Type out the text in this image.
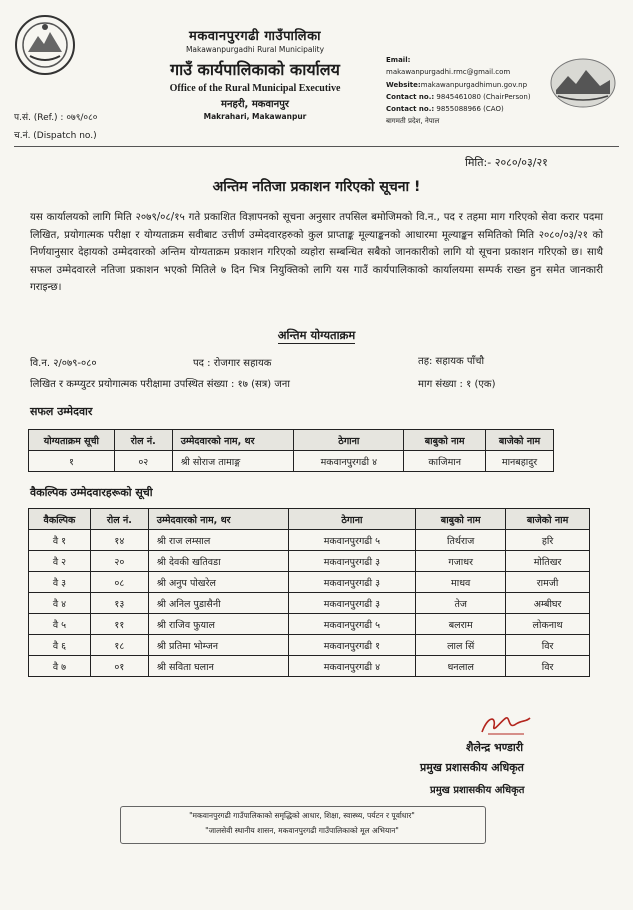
मकवानपुरगढी गाउँपालिका
Makawanpurgadhi Rural Municipality
गाउँ कार्यपालिकाको कार्यालय
Office of the Rural Municipal Executive
मनहरी, मकवानपुर
Makrahari, Makawanpur
प.सं. (Ref.) : ०७९/०८०
च.नं. (Dispatch no.)
Email:
makawanpurgadhi.rmc@gmail.com
Website:makawanpurgadhimun.gov.np
Contact no.: 9845461080 (ChairPerson)
Contact no.: 9855088966 (CAO)
बागमती प्रदेश, नेपाल
मिति:- २०८०/०३/२१
अन्तिम नतिजा प्रकाशन गरिएको सूचना !
यस कार्यालयको लागि मिति २०७९/०८/१५ गते प्रकाशित विज्ञापनको सूचना अनुसार तपसिल बमोजिमको वि.न., पद र तहमा माग गरिएको सेवा करार पदमा लिखित, प्रयोगात्मक परीक्षा र योग्यताक्रम सवीबाट उत्तीर्ण उम्मेदवारहरुको कुल प्राप्ताङ्क मूल्याङ्कनको आधारमा मूल्याङ्कन समितिको मिति २०८०/०३/२१ को निर्णयानुसार देहायको उम्मेदवारको अन्तिम योग्यताक्रम प्रकाशन गरिएको व्यहोरा सम्बन्धित सबैको जानकारीको लागि यो सूचना प्रकाशन गरिएको छ। साथै सफल उम्मेदवारले नतिजा प्रकाशन भएको मितिले ७ दिन भित्र नियुक्तिको लागि यस गाउँ कार्यपालिकाको कार्यालयमा सम्पर्क राख्न हुन समेत जानकारी गराइन्छ।
अन्तिम योग्यताक्रम
वि.न. २/०७९-०८०	पद : रोजगार सहायक	तह: सहायक पाँचौ
लिखित र कम्प्युटर प्रयोगात्मक परीक्षामा उपस्थित संख्या : १७ (सत्र) जना	माग संख्या : १ (एक)
सफल उम्मेदवार
योग्यताक्रम सूची	रोल नं.	उम्मेदवारको नाम, थर	ठेगाना	बाबुको नाम	बाजेको नाम
१	०२	श्री सोराज तामाङ्ग	मकवानपुरगढी ४	काजिमान	मानबहादुर
वैकल्पिक उम्मेदवारहरूको सूची
वैकल्पिक	रोल नं.	उम्मेदवारको नाम, थर	ठेगाना	बाबुको नाम	बाजेको नाम
वै १	१४	श्री राज लम्साल	मकवानपुरगढी ५	तिर्थराज	हरि
वै २	२०	श्री देवकी खतिवडा	मकवानपुरगढी ३	गजाधर	मोतिखर
वै ३	०८	श्री अनुप पोखरेल	मकवानपुरगढी ३	माधव	रामजी
वै ४	१३	श्री अनिल पुडासैनी	मकवानपुरगढी ३	तेज	अम्बीघर
वै ५	११	श्री राजिव फुयाल	मकवानपुरगढी ५	बलराम	लोकनाथ
वै ६	१८	श्री प्रतिमा भोम्जन	मकवानपुरगढी १	लाल सिं	विर
वै ७	०१	श्री सविता घलान	मकवानपुरगढी ४	धनलाल	विर
शैलेन्द्र भण्डारी
प्रमुख प्रशासकीय अधिकृत
प्रमुख प्रशासकीय अधिकृत
"मकवानपुरगढी गाउँपालिकाको समृद्धिको आधार, शिक्षा, स्वास्थ्य, पर्यटन र पूर्वाधार"
"जालसेवी स्थानीय शासन, मकवानपुरगढी गाउँपालिकाको मूल अभियान"
